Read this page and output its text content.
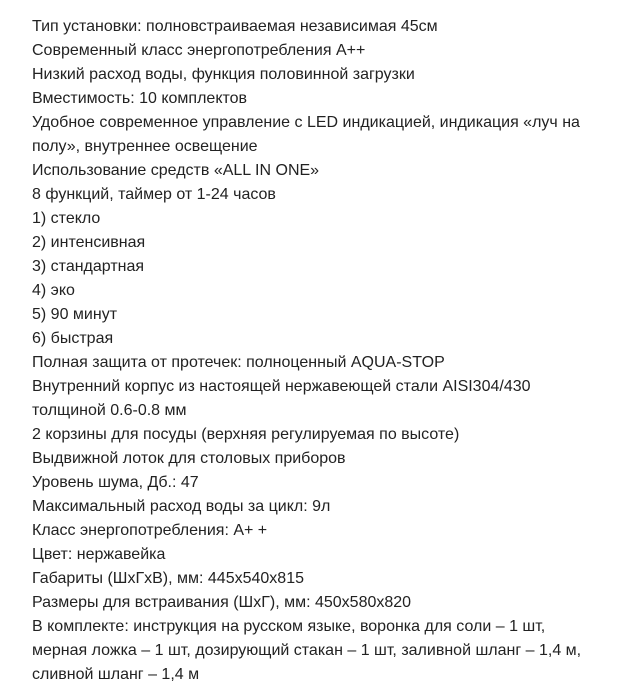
Тип установки: полновстраиваемая независимая 45см
Современный класс энергопотребления А++
Низкий расход воды, функция половинной загрузки
Вместимость: 10 комплектов
Удобное современное управление с LED индикацией, индикация «луч на
полу», внутреннее освещение
Использование средств «ALL IN ONE»
8 функций, таймер от 1-24 часов
1) стекло
2) интенсивная
3) стандартная
4) эко
5) 90 минут
6) быстрая
Полная защита от протечек: полноценный AQUA-STOP
Внутренний корпус из настоящей нержавеющей стали AISI304/430
толщиной 0.6-0.8 мм
2 корзины для посуды (верхняя регулируемая по высоте)
Выдвижной лоток для столовых приборов
Уровень шума, Дб.: 47
Максимальный расход воды за цикл: 9л
Класс энергопотребления: А+ +
Цвет: нержавейка
Габариты (ШхГхВ), мм: 445х540х815
Размеры для встраивания (ШхГ), мм: 450х580х820
В комплекте: инструкция на русском языке, воронка для соли – 1 шт,
мерная ложка – 1 шт, дозирующий стакан – 1 шт, заливной шланг – 1,4 м,
сливной шланг – 1,4 м
